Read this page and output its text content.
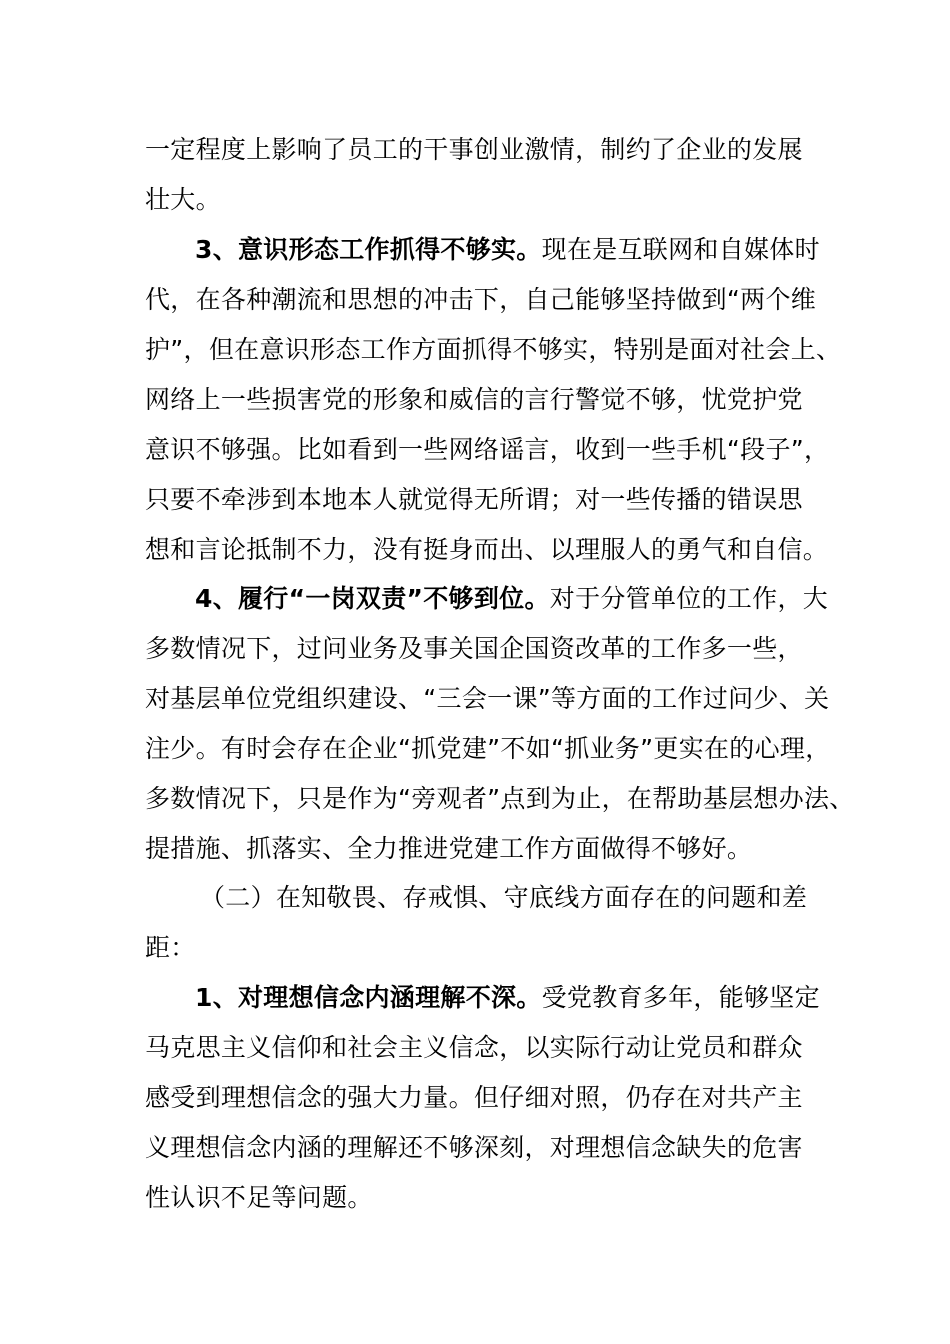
一定程度上影响了员工的干事创业激情，制约了企业的发展
壮大。
3、意识形态工作抓得不够实。现在是互联网和自媒体时
代，在各种潮流和思想的冲击下，自己能够坚持做到“两个维
护”，但在意识形态工作方面抓得不够实，特别是面对社会上、
网络上一些损害党的形象和威信的言行警觉不够，忧党护党
意识不够强。比如看到一些网络谣言，收到一些手机“段子”，
只要不牵涉到本地本人就觉得无所谓；对一些传播的错误思
想和言论抵制不力，没有挺身而出、以理服人的勇气和自信。
4、履行“一岗双责”不够到位。对于分管单位的工作，大
多数情况下，过问业务及事关国企国资改革的工作多一些，
对基层单位党组织建设、“三会一课”等方面的工作过问少、关
注少。有时会存在企业“抓党建”不如“抓业务”更实在的心理，
多数情况下，只是作为“旁观者”点到为止，在帮助基层想办法、
提措施、抓落实、全力推进党建工作方面做得不够好。
（二）在知敬畏、存戒惧、守底线方面存在的问题和差
距：
1、对理想信念内涵理解不深。受党教育多年，能够坚定
马克思主义信仰和社会主义信念，以实际行动让党员和群众
感受到理想信念的强大力量。但仔细对照，仍存在对共产主
义理想信念内涵的理解还不够深刻，对理想信念缺失的危害
性认识不足等问题。
